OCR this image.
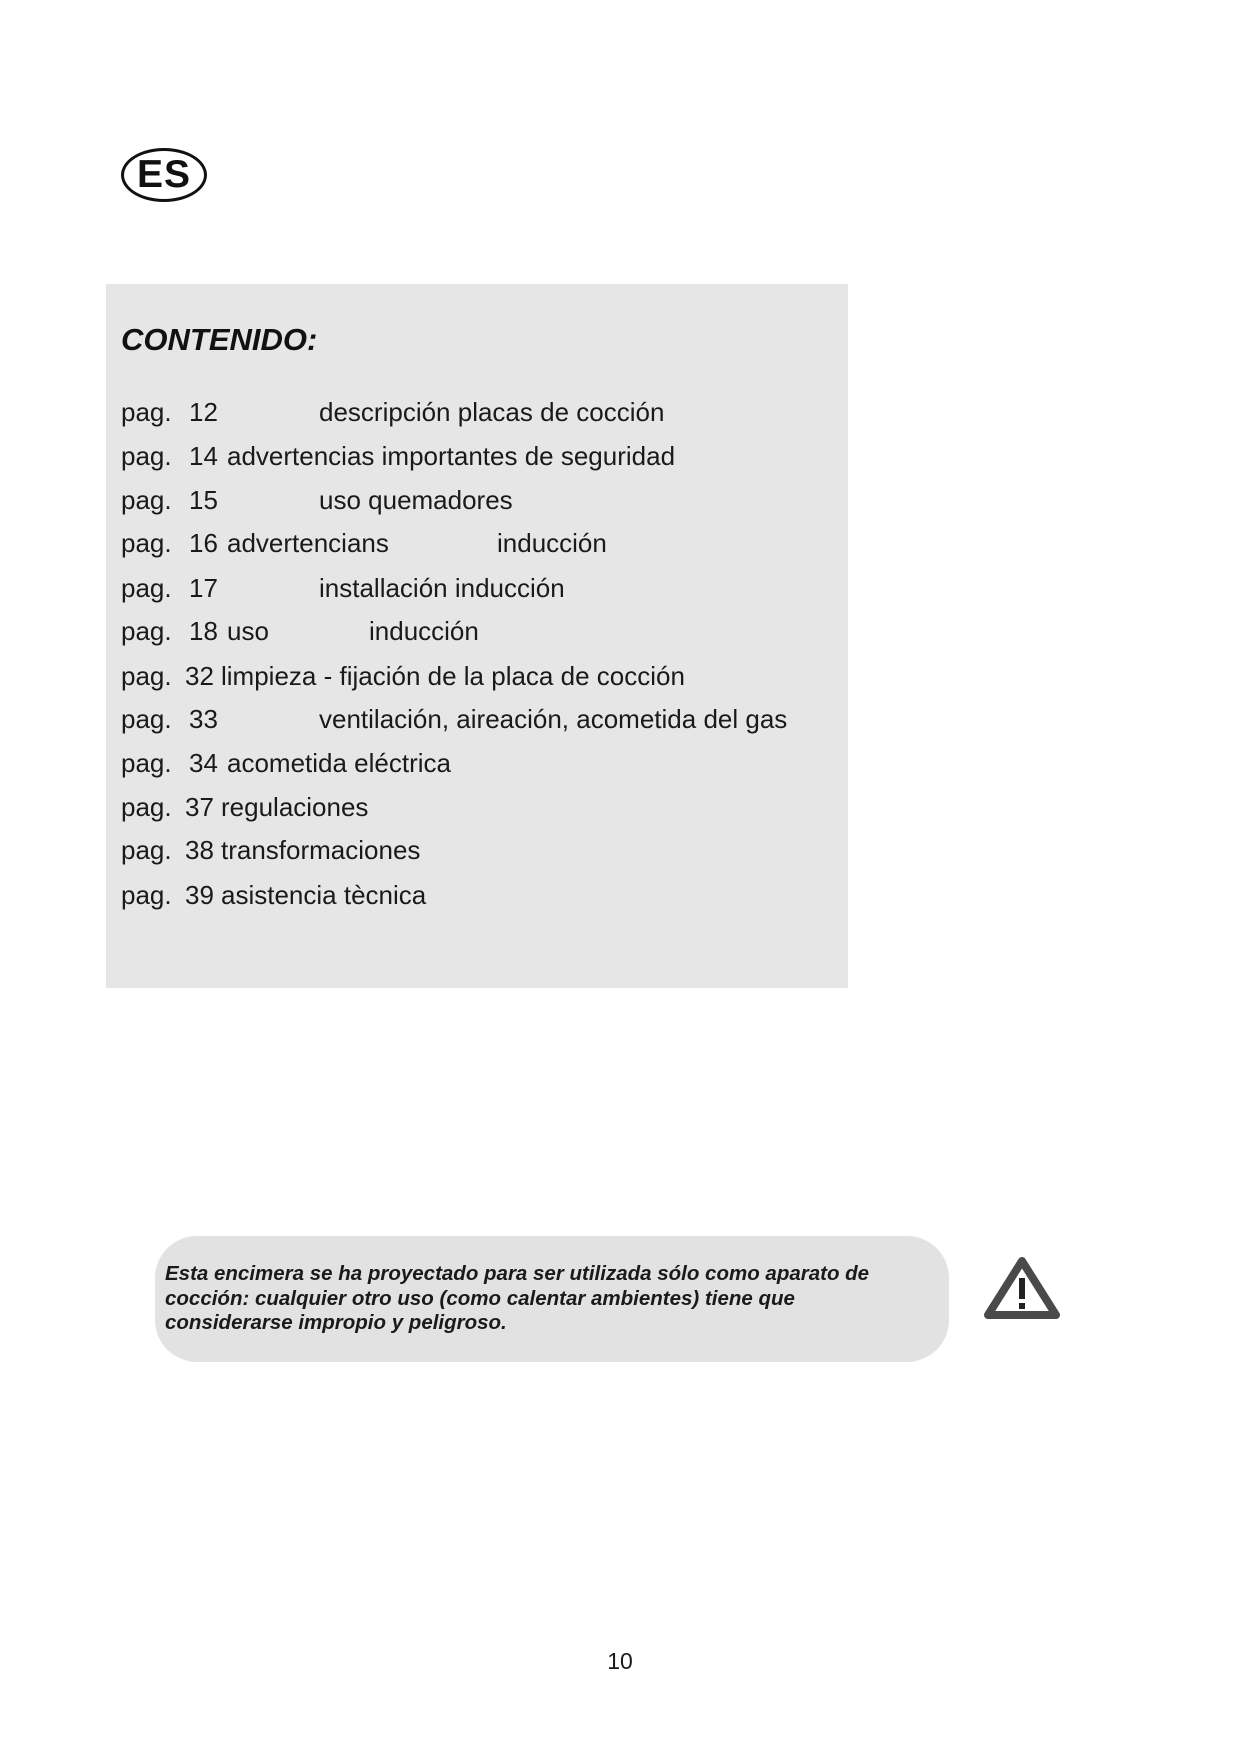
ES
CONTENIDO:
pag. 12	descripción placas de cocción
pag. 14 advertencias importantes de seguridad
pag. 15	uso quemadores
pag. 16 advertencians	inducción
pag. 17	installación inducción
pag. 18 uso	inducción
pag. 32 limpieza - fijación de la placa de cocción
pag. 33	ventilación, aireación, acometida del gas
pag. 34 acometida eléctrica
pag. 37 regulaciones
pag. 38 transformaciones
pag. 39 asistencia tècnica

Esta encimera se ha proyectado para ser utilizada sólo como aparato de
cocción: cualquier otro uso (como calentar ambientes) tiene que
considerarse impropio y peligroso.

10
